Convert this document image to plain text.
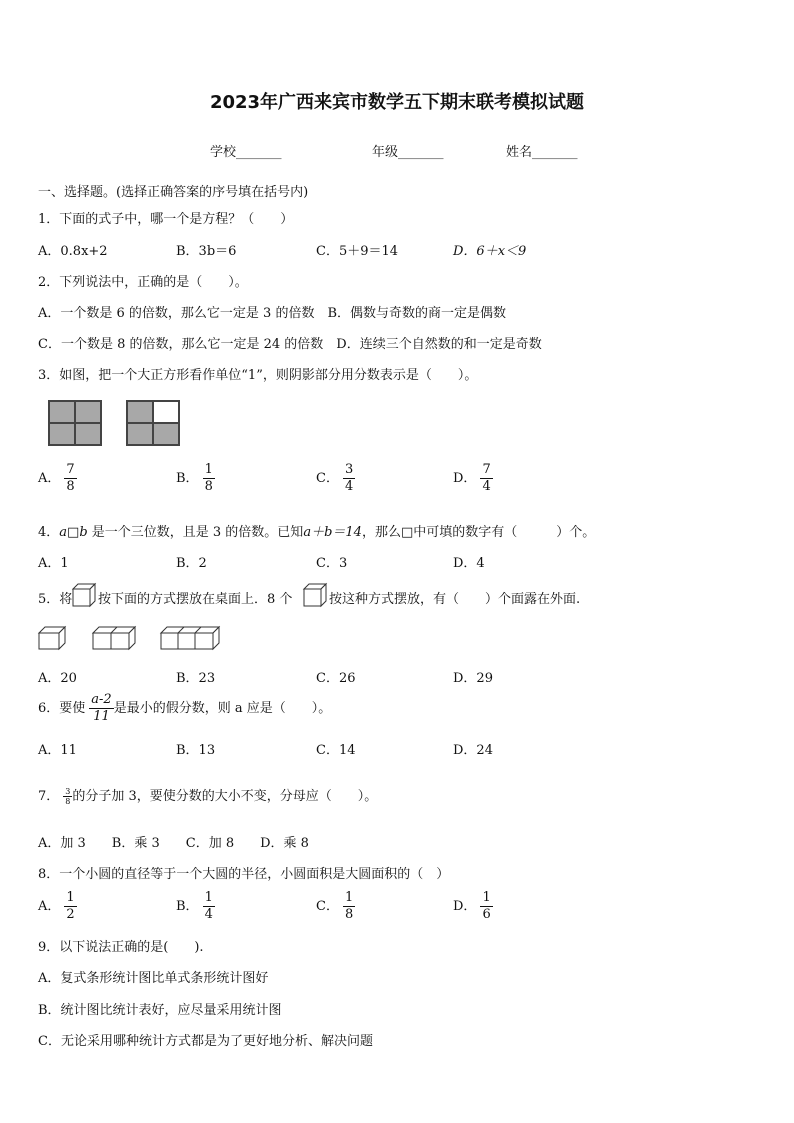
2023年广西来宾市数学五下期末联考模拟试题
学校_______	年级_______	姓名_______
一、选择题。(选择正确答案的序号填在括号内)
1．下面的式子中，哪一个是方程？（　　）
A．0.8x+2	B．3b＝6	C．5＋9＝14	D．6＋x＜9
2．下列说法中，正确的是（　　）。
A．一个数是 6 的倍数，那么它一定是 3 的倍数　B．偶数与奇数的商一定是偶数
C．一个数是 8 的倍数，那么它一定是 24 的倍数　D．连续三个自然数的和一定是奇数
3．如图，把一个大正方形看作单位“1”，则阴影部分用分数表示是（　　）。
A． $\frac{7}{8}$	B． $\frac{1}{8}$	C． $\frac{3}{4}$	D． $\frac{7}{4}$
4．a□b 是一个三位数，且是 3 的倍数。已知a＋b＝14，那么□中可填的数字有（　　　）个。
A．1	B．2	C．3	D．4
5．将 按下面的方式摆放在桌面上．8 个	按这种方式摆放，有（　　）个面露在外面.
A．20	B．23	C．26	D．29
6．要使 $\frac{a-2}{11}$ 是最小的假分数，则 a 应是（　　）。
A．11	B．13	C．14	D．24
7． $\frac{3}{8}$ 的分子加 3，要使分数的大小不变，分母应（　　）。
A．加 3　　B．乘 3　　C．加 8　　D．乘 8
8．一个小圆的直径等于一个大圆的半径，小圆面积是大圆面积的（　）
A． $\frac{1}{2}$	B． $\frac{1}{4}$	C． $\frac{1}{8}$	D． $\frac{1}{6}$
9．以下说法正确的是(　　).
A．复式条形统计图比单式条形统计图好
B．统计图比统计表好，应尽量采用统计图
C．无论采用哪种统计方式都是为了更好地分析、解决问题
